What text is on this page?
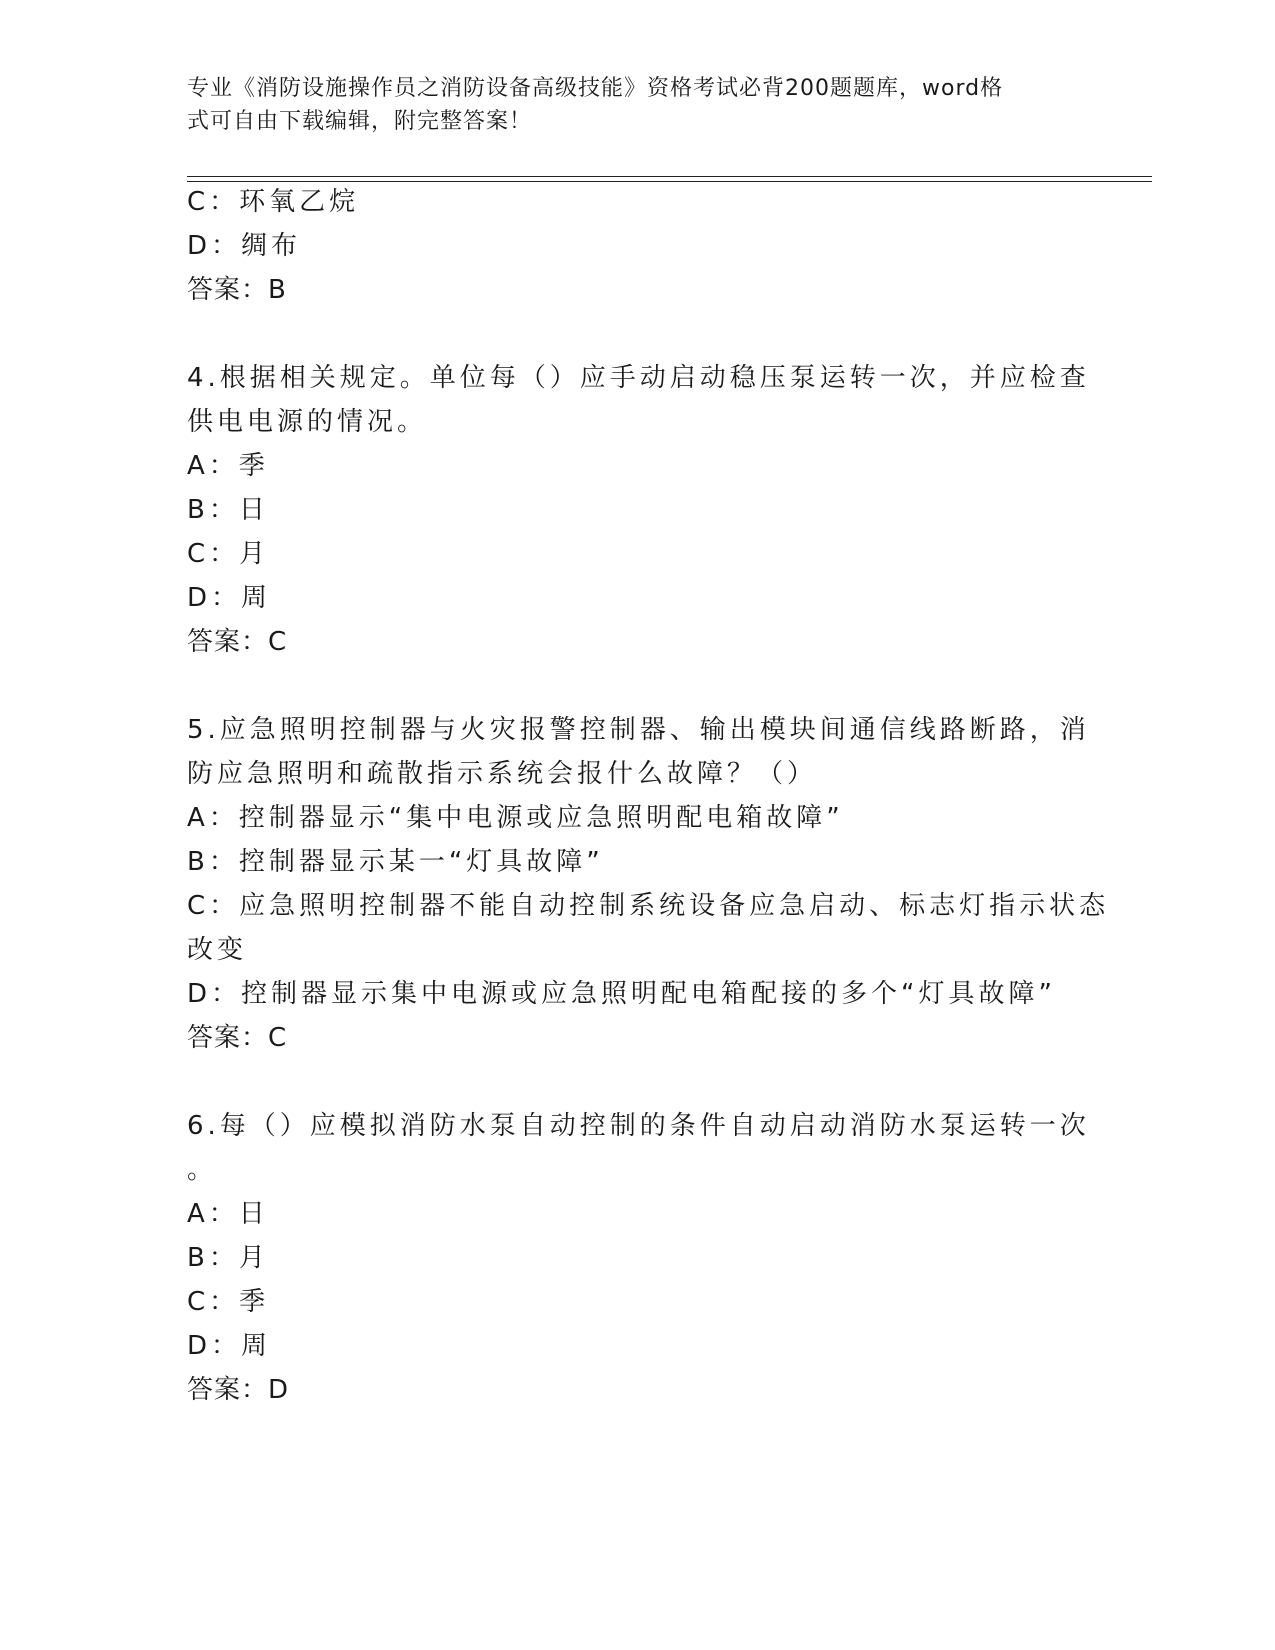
专业《消防设施操作员之消防设备高级技能》资格考试必背200题题库，word格
式可自由下载编辑，附完整答案！
C：环氧乙烷
D：绸布
答案：B
4.根据相关规定。单位每（）应手动启动稳压泵运转一次，并应检查
供电电源的情况。
A：季
B：日
C：月
D：周
答案：C
5.应急照明控制器与火灾报警控制器、输出模块间通信线路断路，消
防应急照明和疏散指示系统会报什么故障？（）
A：控制器显示“集中电源或应急照明配电箱故障”
B：控制器显示某一“灯具故障”
C：应急照明控制器不能自动控制系统设备应急启动、标志灯指示状态
改变
D：控制器显示集中电源或应急照明配电箱配接的多个“灯具故障”
答案：C
6.每（）应模拟消防水泵自动控制的条件自动启动消防水泵运转一次
。
A：日
B：月
C：季
D：周
答案：D
